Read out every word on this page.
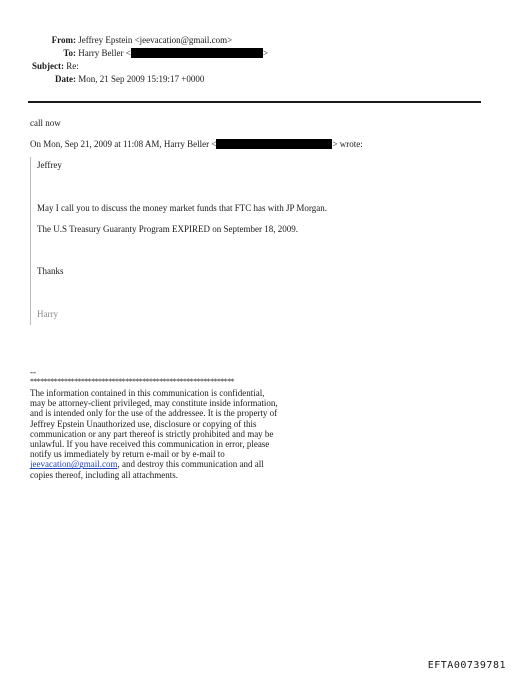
From: Jeffrey Epstein <jeevacation@gmail.com>
To: Harry Beller <	>
Subject: Re:
Date: Mon, 21 Sep 2009 15:19:17 +0000
call now
On Mon, Sep 21, 2009 at 11:08 AM, Harry Beller <	> wrote:
Jeffrey
May I call you to discuss the money market funds that FTC has with JP Morgan.
The U.S Treasury Guaranty Program EXPIRED on September 18, 2009.
Thanks
Harry
--
************************************************************
The information contained in this communication is confidential, may be attorney-client privileged, may constitute inside information, and is intended only for the use of the addressee. It is the property of Jeffrey Epstein Unauthorized use, disclosure or copying of this communication or any part thereof is strictly prohibited and may be unlawful. If you have received this communication in error, please notify us immediately by return e-mail or by e-mail to jeevacation@gmail.com, and destroy this communication and all copies thereof, including all attachments.
EFTA00739781
